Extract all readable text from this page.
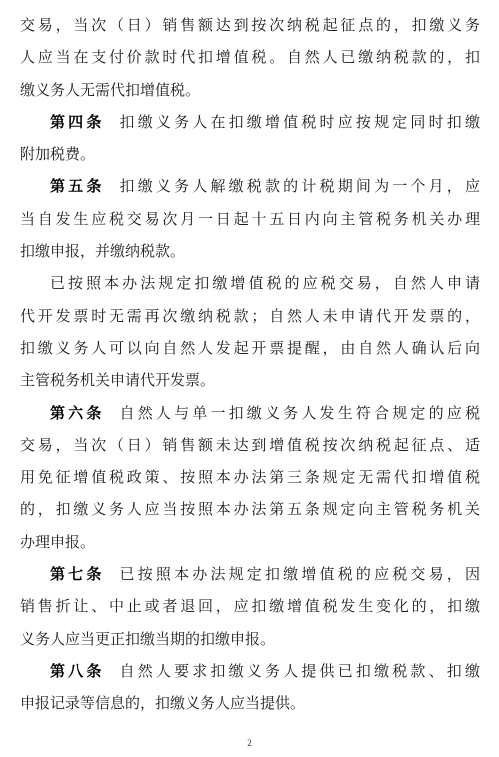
交易，当次（日）销售额达到按次纳税起征点的，扣缴义务
人应当在支付价款时代扣增值税。自然人已缴纳税款的，扣
缴义务人无需代扣增值税。
第四条 扣缴义务人在扣缴增值税时应按规定同时扣缴
附加税费。
第五条 扣缴义务人解缴税款的计税期间为一个月，应
当自发生应税交易次月一日起十五日内向主管税务机关办理
扣缴申报，并缴纳税款。
已按照本办法规定扣缴增值税的应税交易，自然人申请
代开发票时无需再次缴纳税款；自然人未申请代开发票的，
扣缴义务人可以向自然人发起开票提醒，由自然人确认后向
主管税务机关申请代开发票。
第六条 自然人与单一扣缴义务人发生符合规定的应税
交易，当次（日）销售额未达到增值税按次纳税起征点、适
用免征增值税政策、按照本办法第三条规定无需代扣增值税
的，扣缴义务人应当按照本办法第五条规定向主管税务机关
办理申报。
第七条 已按照本办法规定扣缴增值税的应税交易，因
销售折让、中止或者退回，应扣缴增值税发生变化的，扣缴
义务人应当更正扣缴当期的扣缴申报。
第八条 自然人要求扣缴义务人提供已扣缴税款、扣缴
申报记录等信息的，扣缴义务人应当提供。
2
